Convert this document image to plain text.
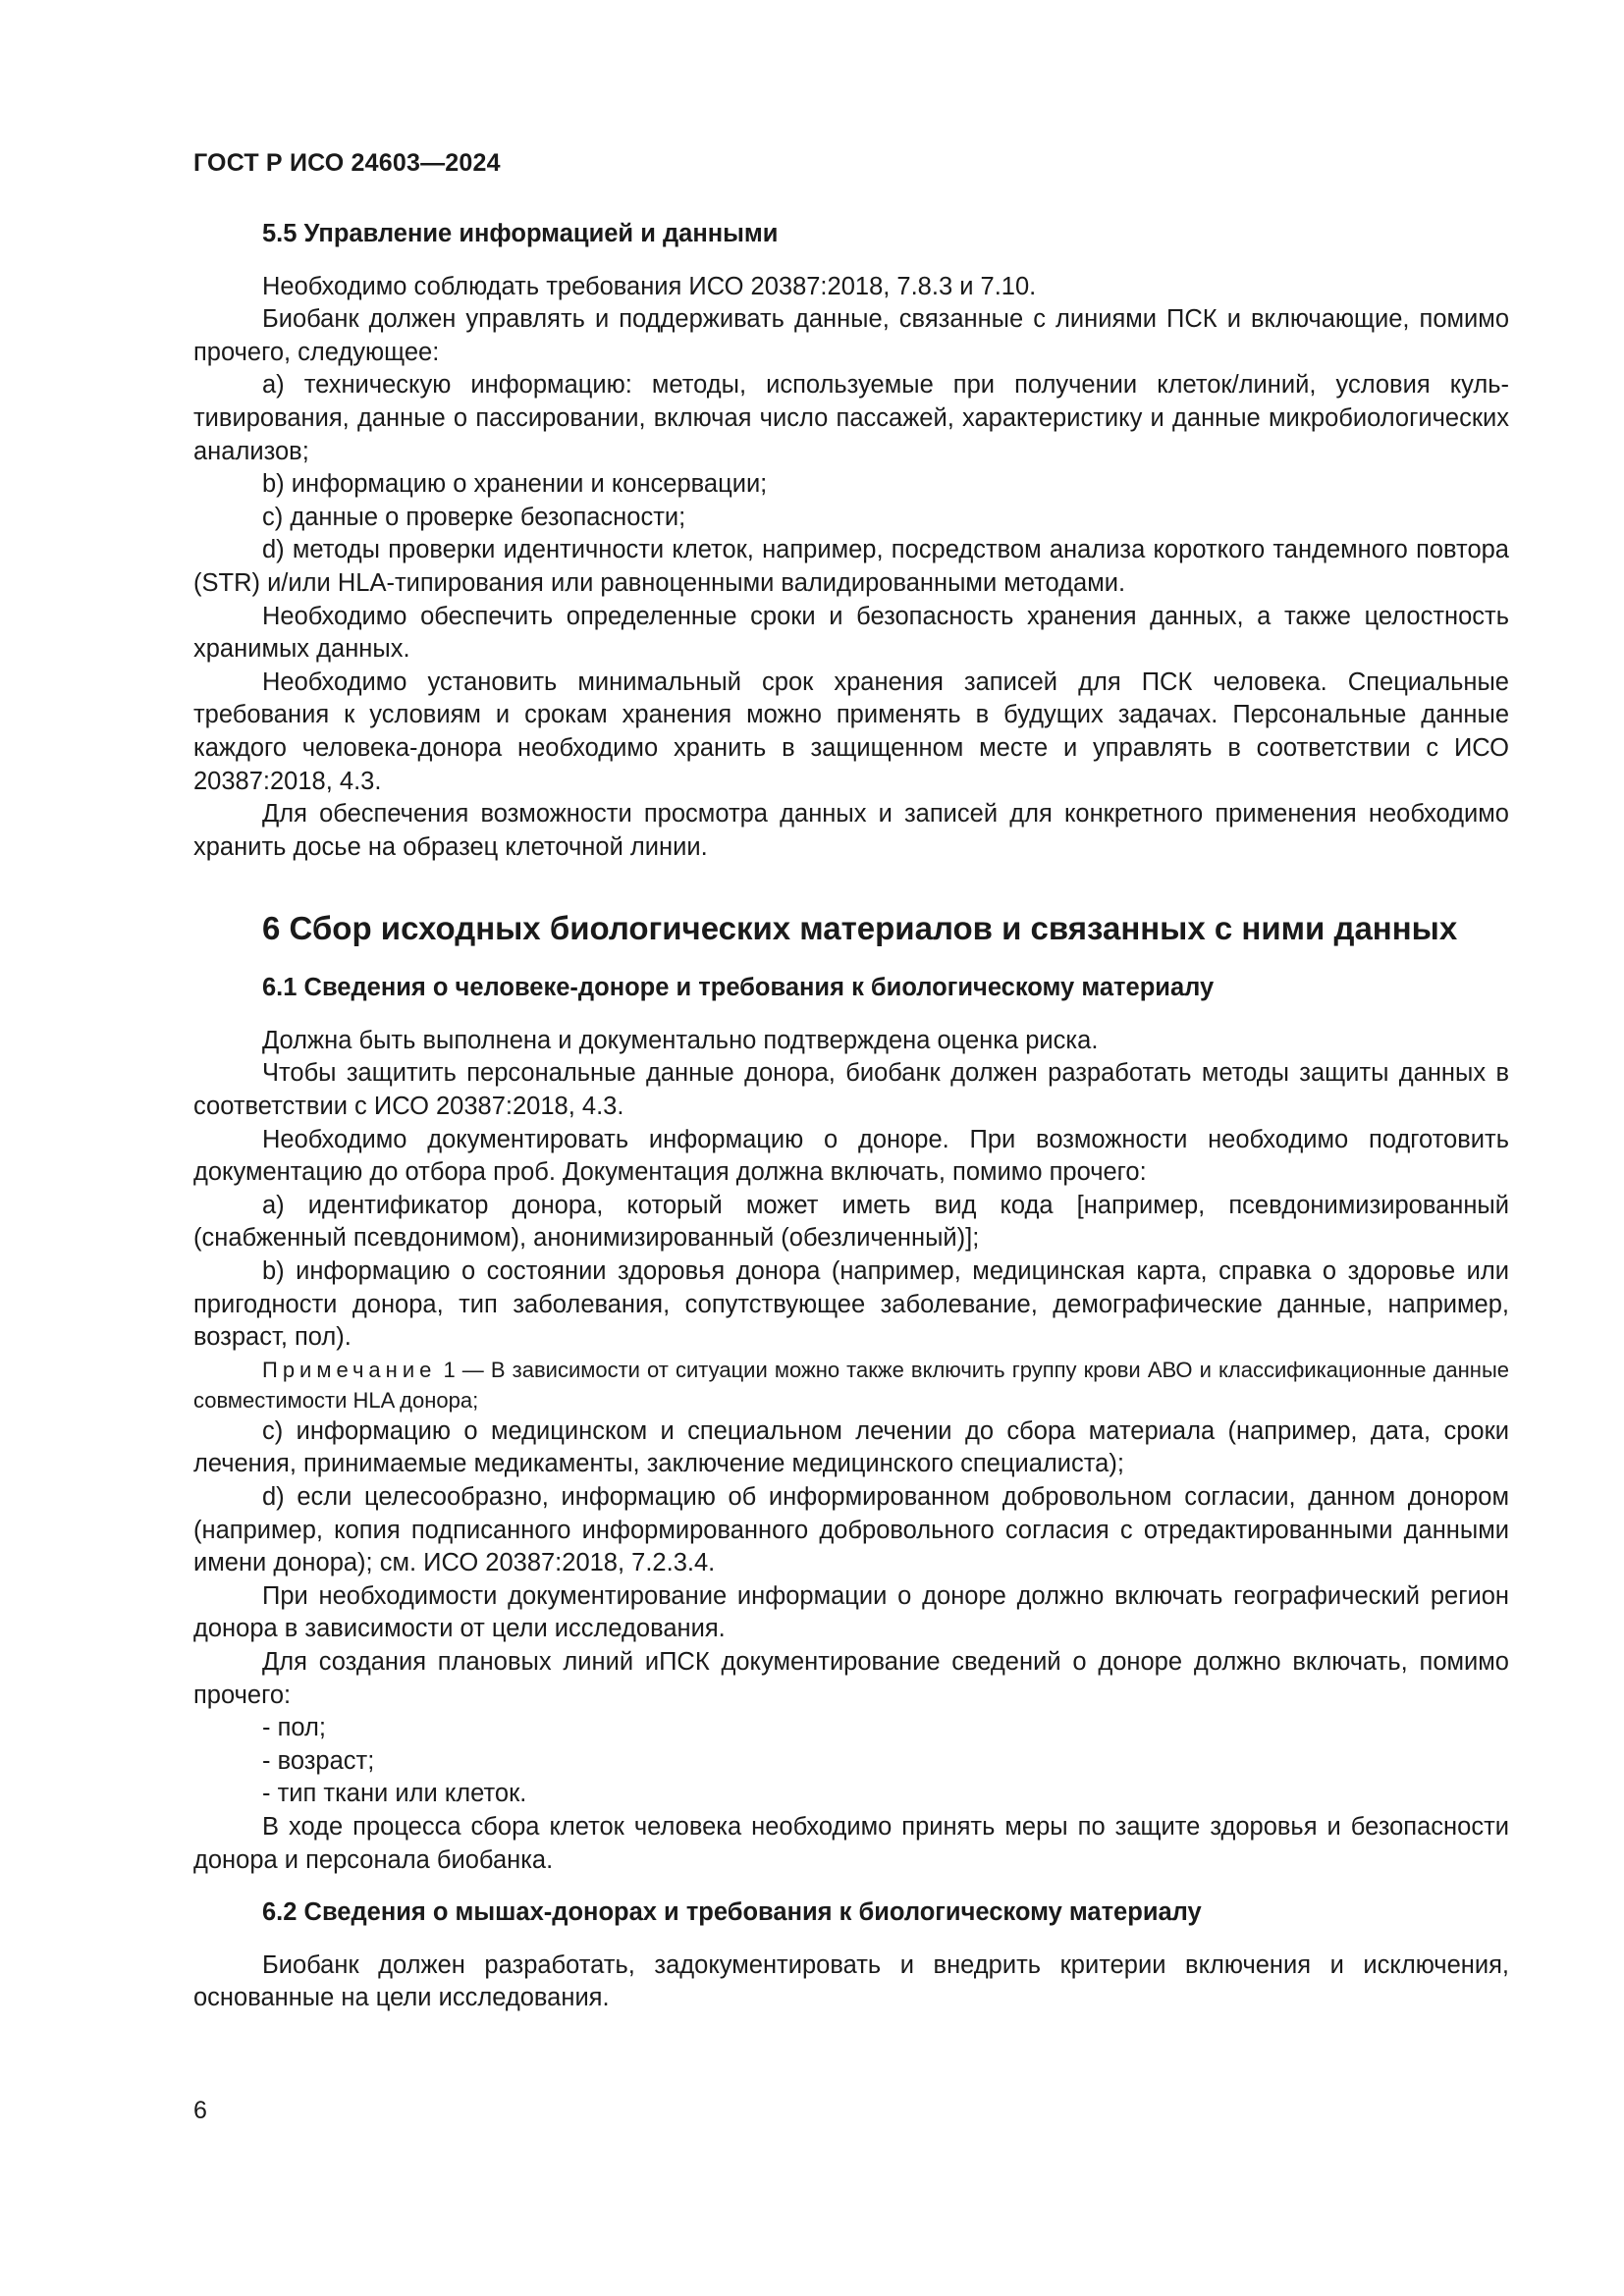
ГОСТ Р ИСО 24603—2024
5.5 Управление информацией и данными

Необходимо соблюдать требования ИСО 20387:2018, 7.8.3 и 7.10.

Биобанк должен управлять и поддерживать данные, связанные с линиями ПСК и включающие, помимо прочего, следующее:

a) техническую информацию: методы, используемые при получении клеток/линий, условия культивирования, данные о пассировании, включая число пассажей, характеристику и данные микробиологических анализов;

b) информацию о хранении и консервации;

c) данные о проверке безопасности;

d) методы проверки идентичности клеток, например, посредством анализа короткого тандемного повтора (STR) и/или HLA-типирования или равноценными валидированными методами.

Необходимо обеспечить определенные сроки и безопасность хранения данных, а также целостность хранимых данных.

Необходимо установить минимальный срок хранения записей для ПСК человека. Специальные требования к условиям и срокам хранения можно применять в будущих задачах. Персональные данные каждого человека-донора необходимо хранить в защищенном месте и управлять в соответствии с ИСО 20387:2018, 4.3.

Для обеспечения возможности просмотра данных и записей для конкретного применения необходимо хранить досье на образец клеточной линии.

6 Сбор исходных биологических материалов и связанных с ними данных
6.1 Сведения о человеке-доноре и требования к биологическому материалу

Должна быть выполнена и документально подтверждена оценка риска.

Чтобы защитить персональные данные донора, биобанк должен разработать методы защиты данных в соответствии с ИСО 20387:2018, 4.3.

Необходимо документировать информацию о доноре. При возможности необходимо подготовить документацию до отбора проб. Документация должна включать, помимо прочего:

a) идентификатор донора, который может иметь вид кода [например, псевдонимизированный (снабженный псевдонимом), анонимизированный (обезличенный)];

b) информацию о состоянии здоровья донора (например, медицинская карта, справка о здоровье или пригодности донора, тип заболевания, сопутствующее заболевание, демографические данные, например, возраст, пол).

Примечание 1 — В зависимости от ситуации можно также включить группу крови АВО и классификационные данные совместимости HLA донора;

c) информацию о медицинском и специальном лечении до сбора материала (например, дата, сроки лечения, принимаемые медикаменты, заключение медицинского специалиста);

d) если целесообразно, информацию об информированном добровольном согласии, данном донором (например, копия подписанного информированного добровольного согласия с отредактированными данными имени донора); см. ИСО 20387:2018, 7.2.3.4.

При необходимости документирование информации о доноре должно включать географический регион донора в зависимости от цели исследования.

Для создания плановых линий иПСК документирование сведений о доноре должно включать, помимо прочего:

- пол;

- возраст;

- тип ткани или клеток.

В ходе процесса сбора клеток человека необходимо принять меры по защите здоровья и безопасности донора и персонала биобанка.

6.2 Сведения о мышах-донорах и требования к биологическому материалу

Биобанк должен разработать, задокументировать и внедрить критерии включения и исключения, основанные на цели исследования.

6
